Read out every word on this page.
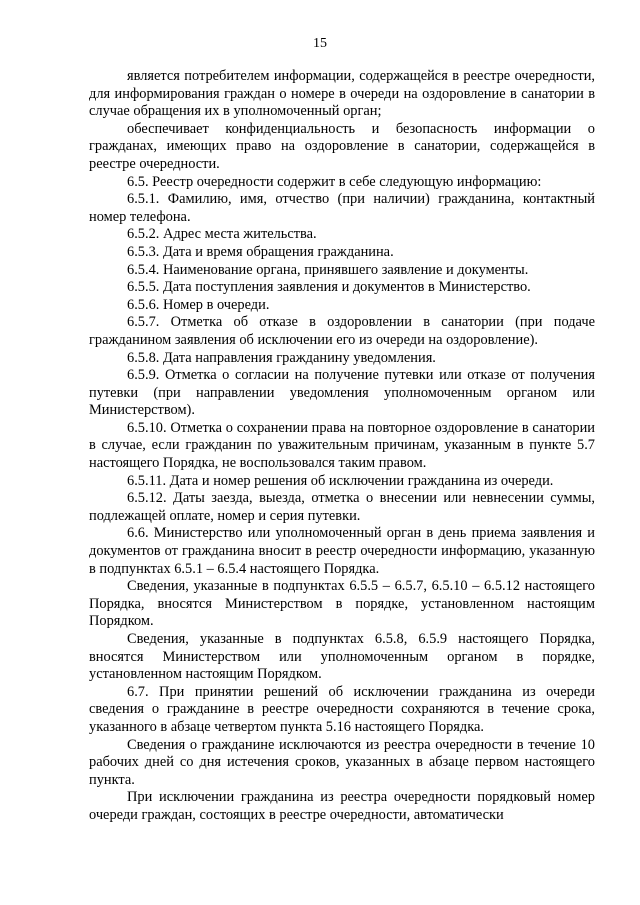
15

является потребителем информации, содержащейся в реестре очередности, для информирования граждан о номере в очереди на оздоровление в санатории в случае обращения их в уполномоченный орган;

обеспечивает конфиденциальность и безопасность информации о гражданах, имеющих право на оздоровление в санатории, содержащейся в реестре очередности.

6.5. Реестр очередности содержит в себе следующую информацию:

6.5.1. Фамилию, имя, отчество (при наличии) гражданина, контактный номер телефона.

6.5.2. Адрес места жительства.

6.5.3. Дата и время обращения гражданина.

6.5.4. Наименование органа, принявшего заявление и документы.

6.5.5. Дата поступления заявления и документов в Министерство.

6.5.6. Номер в очереди.

6.5.7. Отметка об отказе в оздоровлении в санатории (при подаче гражданином заявления об исключении его из очереди на оздоровление).

6.5.8. Дата направления гражданину уведомления.

6.5.9. Отметка о согласии на получение путевки или отказе от получения путевки (при направлении уведомления уполномоченным органом или Министерством).

6.5.10. Отметка о сохранении права на повторное оздоровление в санатории в случае, если гражданин по уважительным причинам, указанным в пункте 5.7 настоящего Порядка, не воспользовался таким правом.

6.5.11. Дата и номер решения об исключении гражданина из очереди.

6.5.12. Даты заезда, выезда, отметка о внесении или невнесении суммы, подлежащей оплате, номер и серия путевки.

6.6. Министерство или уполномоченный орган в день приема заявления и документов от гражданина вносит в реестр очередности информацию, указанную в подпунктах 6.5.1 – 6.5.4 настоящего Порядка.

Сведения, указанные в подпунктах 6.5.5 – 6.5.7, 6.5.10 – 6.5.12 настоящего Порядка, вносятся Министерством в порядке, установленном настоящим Порядком.

Сведения, указанные в подпунктах 6.5.8, 6.5.9 настоящего Порядка, вносятся Министерством или уполномоченным органом в порядке, установленном настоящим Порядком.

6.7. При принятии решений об исключении гражданина из очереди сведения о гражданине в реестре очередности сохраняются в течение срока, указанного в абзаце четвертом пункта 5.16 настоящего Порядка.

Сведения о гражданине исключаются из реестра очередности в течение 10 рабочих дней со дня истечения сроков, указанных в абзаце первом настоящего пункта.

При исключении гражданина из реестра очередности порядковый номер очереди граждан, состоящих в реестре очередности, автоматически
